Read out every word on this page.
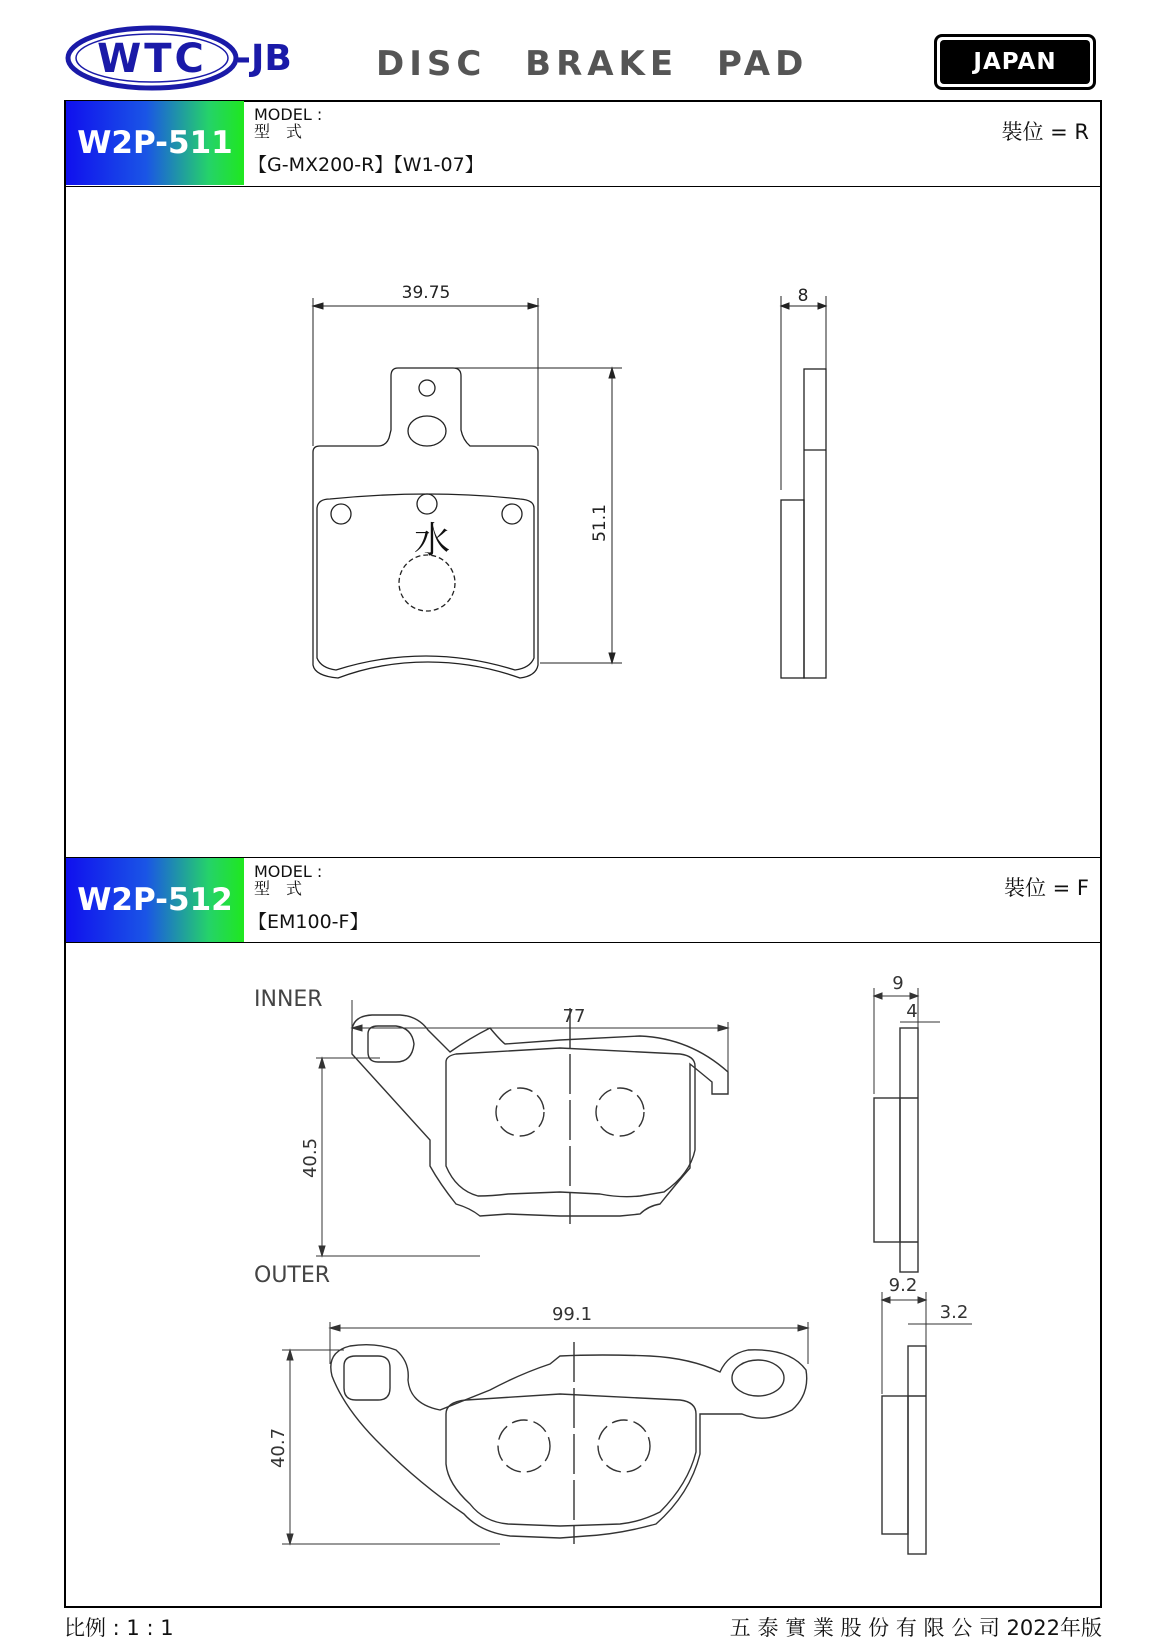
WTC -JB DISC BRAKE PAD	JAPAN
W2P-511
MODEL :
型　式
【G-MX200-R】【W1-07】
裝位 = R
39.75
51.1
8
水
W2P-512
MODEL :
型　式
【EM100-F】
裝位 = F
INNER
OUTER
77
40.5
9
4
99.1
40.7
9.2
3.2
比例 : 1 : 1	五 泰 實 業 股 份 有 限 公 司 2022年版
